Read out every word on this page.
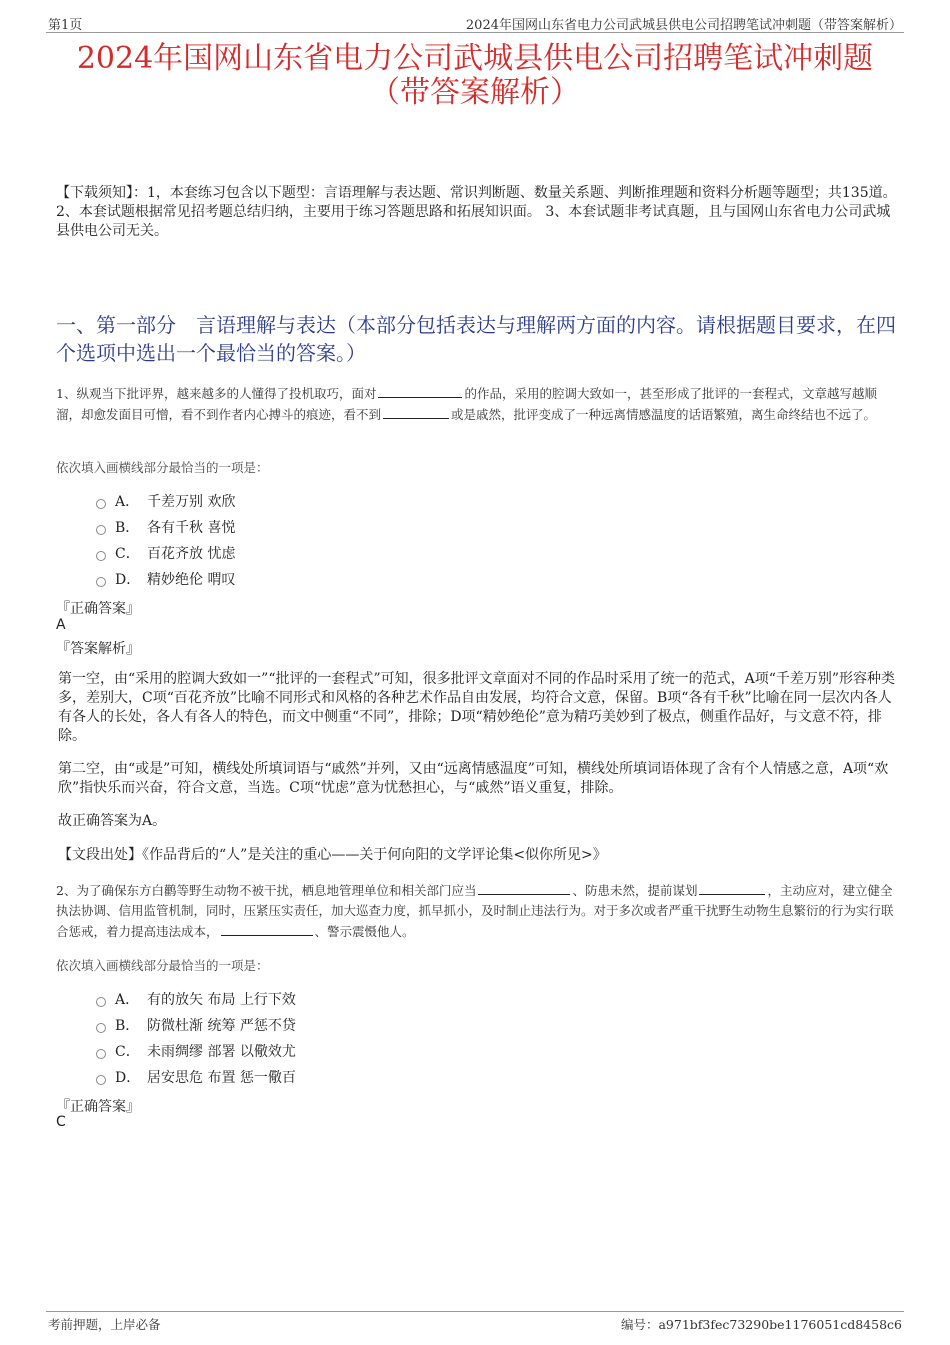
第1页	2024年国网山东省电力公司武城县供电公司招聘笔试冲刺题（带答案解析）
2024年国网山东省电力公司武城县供电公司招聘笔试冲刺题
（带答案解析）
【下载须知】：1，本套练习包含以下题型：言语理解与表达题、常识判断题、数量关系题、判断推理题和资料分析题等题型；共135道。 2、本套试题根据常见招考题总结归纳，主要用于练习答题思路和拓展知识面。 3、本套试题非考试真题，且与国网山东省电力公司武城县供电公司无关。
一、第一部分　言语理解与表达（本部分包括表达与理解两方面的内容。请根据题目要求，在四个选项中选出一个最恰当的答案。）
1、纵观当下批评界，越来越多的人懂得了投机取巧，面对	的作品，采用的腔调大致如一，甚至形成了批评的一套程式，文章越写越顺溜，却愈发面目可憎，看不到作者内心搏斗的痕迹，看不到	或是戚然，批评变成了一种远离情感温度的话语繁殖，离生命终结也不远了。
依次填入画横线部分最恰当的一项是：
A． 千差万别 欢欣
B． 各有千秋 喜悦
C． 百花齐放 忧虑
D． 精妙绝伦 喟叹
『正确答案』
A
『答案解析』
第一空，由“采用的腔调大致如一”“批评的一套程式”可知，很多批评文章面对不同的作品时采用了统一的范式，A项“千差万别”形容种类多，差别大，C项“百花齐放”比喻不同形式和风格的各种艺术作品自由发展，均符合文意，保留。B项“各有千秋”比喻在同一层次内各人有各人的长处，各人有各人的特色，而文中侧重“不同”，排除；D项“精妙绝伦”意为精巧美妙到了极点，侧重作品好，与文意不符，排除。
第二空，由“或是”可知，横线处所填词语与“戚然”并列，又由“远离情感温度”可知，横线处所填词语体现了含有个人情感之意，A项“欢欣”指快乐而兴奋，符合文意，当选。C项“忧虑”意为忧愁担心，与“戚然”语义重复，排除。
故正确答案为A。
【文段出处】《作品背后的“人”是关注的重心——关于何向阳的文学评论集<似你所见>》
2、为了确保东方白鹳等野生动物不被干扰，栖息地管理单位和相关部门应当	、防患未然，提前谋划	，主动应对，建立健全执法协调、信用监管机制，同时，压紧压实责任，加大巡查力度，抓早抓小，及时制止违法行为。对于多次或者严重干扰野生动物生息繁衍的行为实行联合惩戒，着力提高违法成本，	、警示震慑他人。
依次填入画横线部分最恰当的一项是：
A． 有的放矢 布局 上行下效
B． 防微杜渐 统筹 严惩不贷
C． 未雨绸缪 部署 以儆效尤
D． 居安思危 布置 惩一儆百
『正确答案』
C
考前押题，上岸必备	编号：a971bf3fec73290be1176051cd8458c6
